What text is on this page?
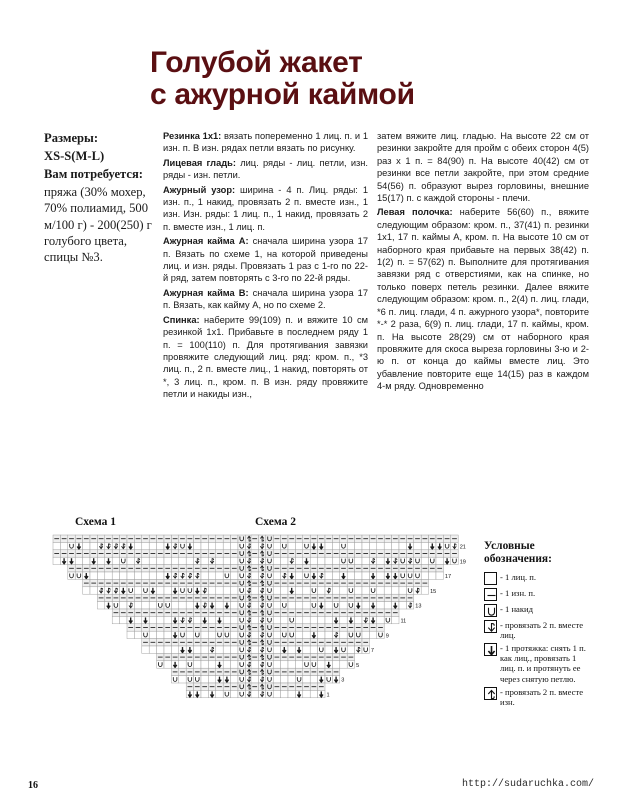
Голубой жакет
с ажурной каймой

Размеры:

XS-S(M-L)

Вам потребуется:

пряжа (30% мохер, 70% полиамид, 500 м/100 г) - 200(250) г голубого цвета, спицы №3.

Резинка 1x1: вязать попеременно 1 лиц. п. и 1 изн. п. В изн. рядах петли вязать по рисунку.

Лицевая гладь: лиц. ряды - лиц. петли, изн. ряды - изн. петли.

Ажурный узор: ширина - 4 п. Лиц. ряды: 1 изн. п., 1 накид, провязать 2 п. вместе изн., 1 изн. Изн. ряды: 1 лиц. п., 1 накид, провязать 2 п. вместе изн., 1 лиц. п.

Ажурная кайма A: сначала ширина узора 17 п. Вязать по схеме 1, на которой приведены лиц. и изн. ряды. Провязать 1 раз с 1-го по 22-й ряд, затем повторять с 3-го по 22-й ряды.

Ажурная кайма B: сначала ширина узора 17 п. Вязать, как кайму A, но по схеме 2.

Спинка: наберите 99(109) п. и вяжите 10 см резинкой 1x1. Прибавьте в последнем ряду 1 п. = 100(110) п. Для протягивания завязки провяжите следующий лиц. ряд: кром. п., *3 лиц. п., 2 п. вместе лиц., 1 накид, повторять от *, 3 лиц. п., кром. п. В изн. ряду провяжите петли и накиды изн.,

затем вяжите лиц. гладью. На высоте 22 см от резинки закройте для пройм с обеих сторон 4(5) раз х 1 п. = 84(90) п. На высоте 40(42) см от резинки все петли закройте, при этом средние 54(56) п. образуют вырез горловины, внешние 15(17) п. с каждой стороны - плечи.

Левая полочка: наберите 56(60) п., вяжите следующим образом: кром. п., 37(41) п. резинки 1x1, 17 п. каймы A, кром. п. На высоте 10 см от наборного края прибавьте на первых 38(42) п. 1(2) п. = 57(62) п. Выполните для протягивания завязки ряд с отверстиями, как на спинке, но только поверх петель резинки. Далее вяжите следующим образом: кром. п., 2(4) п. лиц. глади, *6 п. лиц. глади, 4 п. ажурного узора*, повторите *-* 2 раза, 6(9) п. лиц. глади, 17 п. каймы, кром. п. На высоте 28(29) см от наборного края провяжите для скоса выреза горловины 3-ю и 2-ю п. от конца до каймы вместе лиц. Это убавление повторите еще 14(15) раз в каждом 4-м ряду. Одновременно

Схема 1	Схема 2
21
19
17
15
13
11
9
7
5
3
1
Условные обозначения:
- 1 лиц. п.
- 1 изн. п.
- 1 накид
- провязать 2 п. вместе лиц.
- 1 протяжка: снять 1 п. как лиц., провязать 1 лиц. п. и протянуть ее через снятую петлю.
- провязать 2 п. вместе изн.
16	http://sudaruchka.com/
